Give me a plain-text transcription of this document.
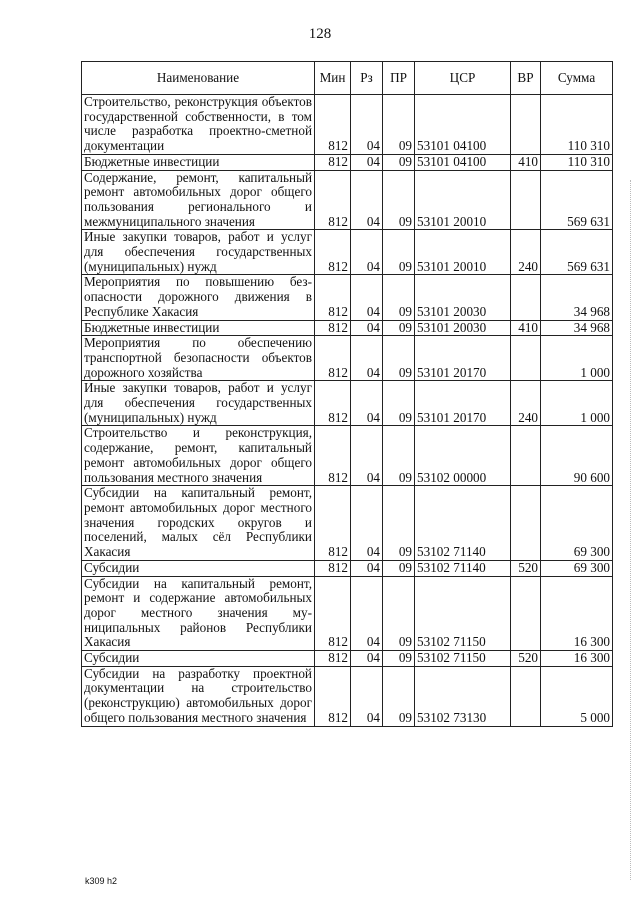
128
Наименование	Мин	Рз	ПР	ЦСР	ВР	Сумма
Строительство, реконструкция объектов государственной собственности, в том числе разработка проектно-сметной документации	812	04	09	53101 04100		110 310
Бюджетные инвестиции	812	04	09	53101 04100	410	110 310
Содержание, ремонт, капитальный ремонт автомобильных дорог общего пользования регионального и межмуниципального значения	812	04	09	53101 20010		569 631
Иные закупки товаров, работ и услуг для обеспечения государственных (муниципальных) нужд	812	04	09	53101 20010	240	569 631
Мероприятия по повышению безопасности дорожного движения в Республике Хакасия	812	04	09	53101 20030		34 968
Бюджетные инвестиции	812	04	09	53101 20030	410	34 968
Мероприятия по обеспечению транспортной безопасности объектов дорожного хозяйства	812	04	09	53101 20170		1 000
Иные закупки товаров, работ и услуг для обеспечения государственных (муниципальных) нужд	812	04	09	53101 20170	240	1 000
Строительство и реконструкция, содержание, ремонт, капитальный ремонт автомобильных дорог общего пользования местного значения	812	04	09	53102 00000		90 600
Субсидии на капитальный ремонт, ремонт автомобильных дорог местного значения городских округов и поселений, малых сёл Республики Хакасия	812	04	09	53102 71140		69 300
Субсидии	812	04	09	53102 71140	520	69 300
Субсидии на капитальный ремонт, ремонт и содержание автомобильных дорог местного значения муниципальных районов Республики Хакасия	812	04	09	53102 71150		16 300
Субсидии	812	04	09	53102 71150	520	16 300
Субсидии на разработку проектной документации на строительство (реконструкцию) автомобильных дорог общего пользования местного значения	812	04	09	53102 73130		5 000
k309 h2
